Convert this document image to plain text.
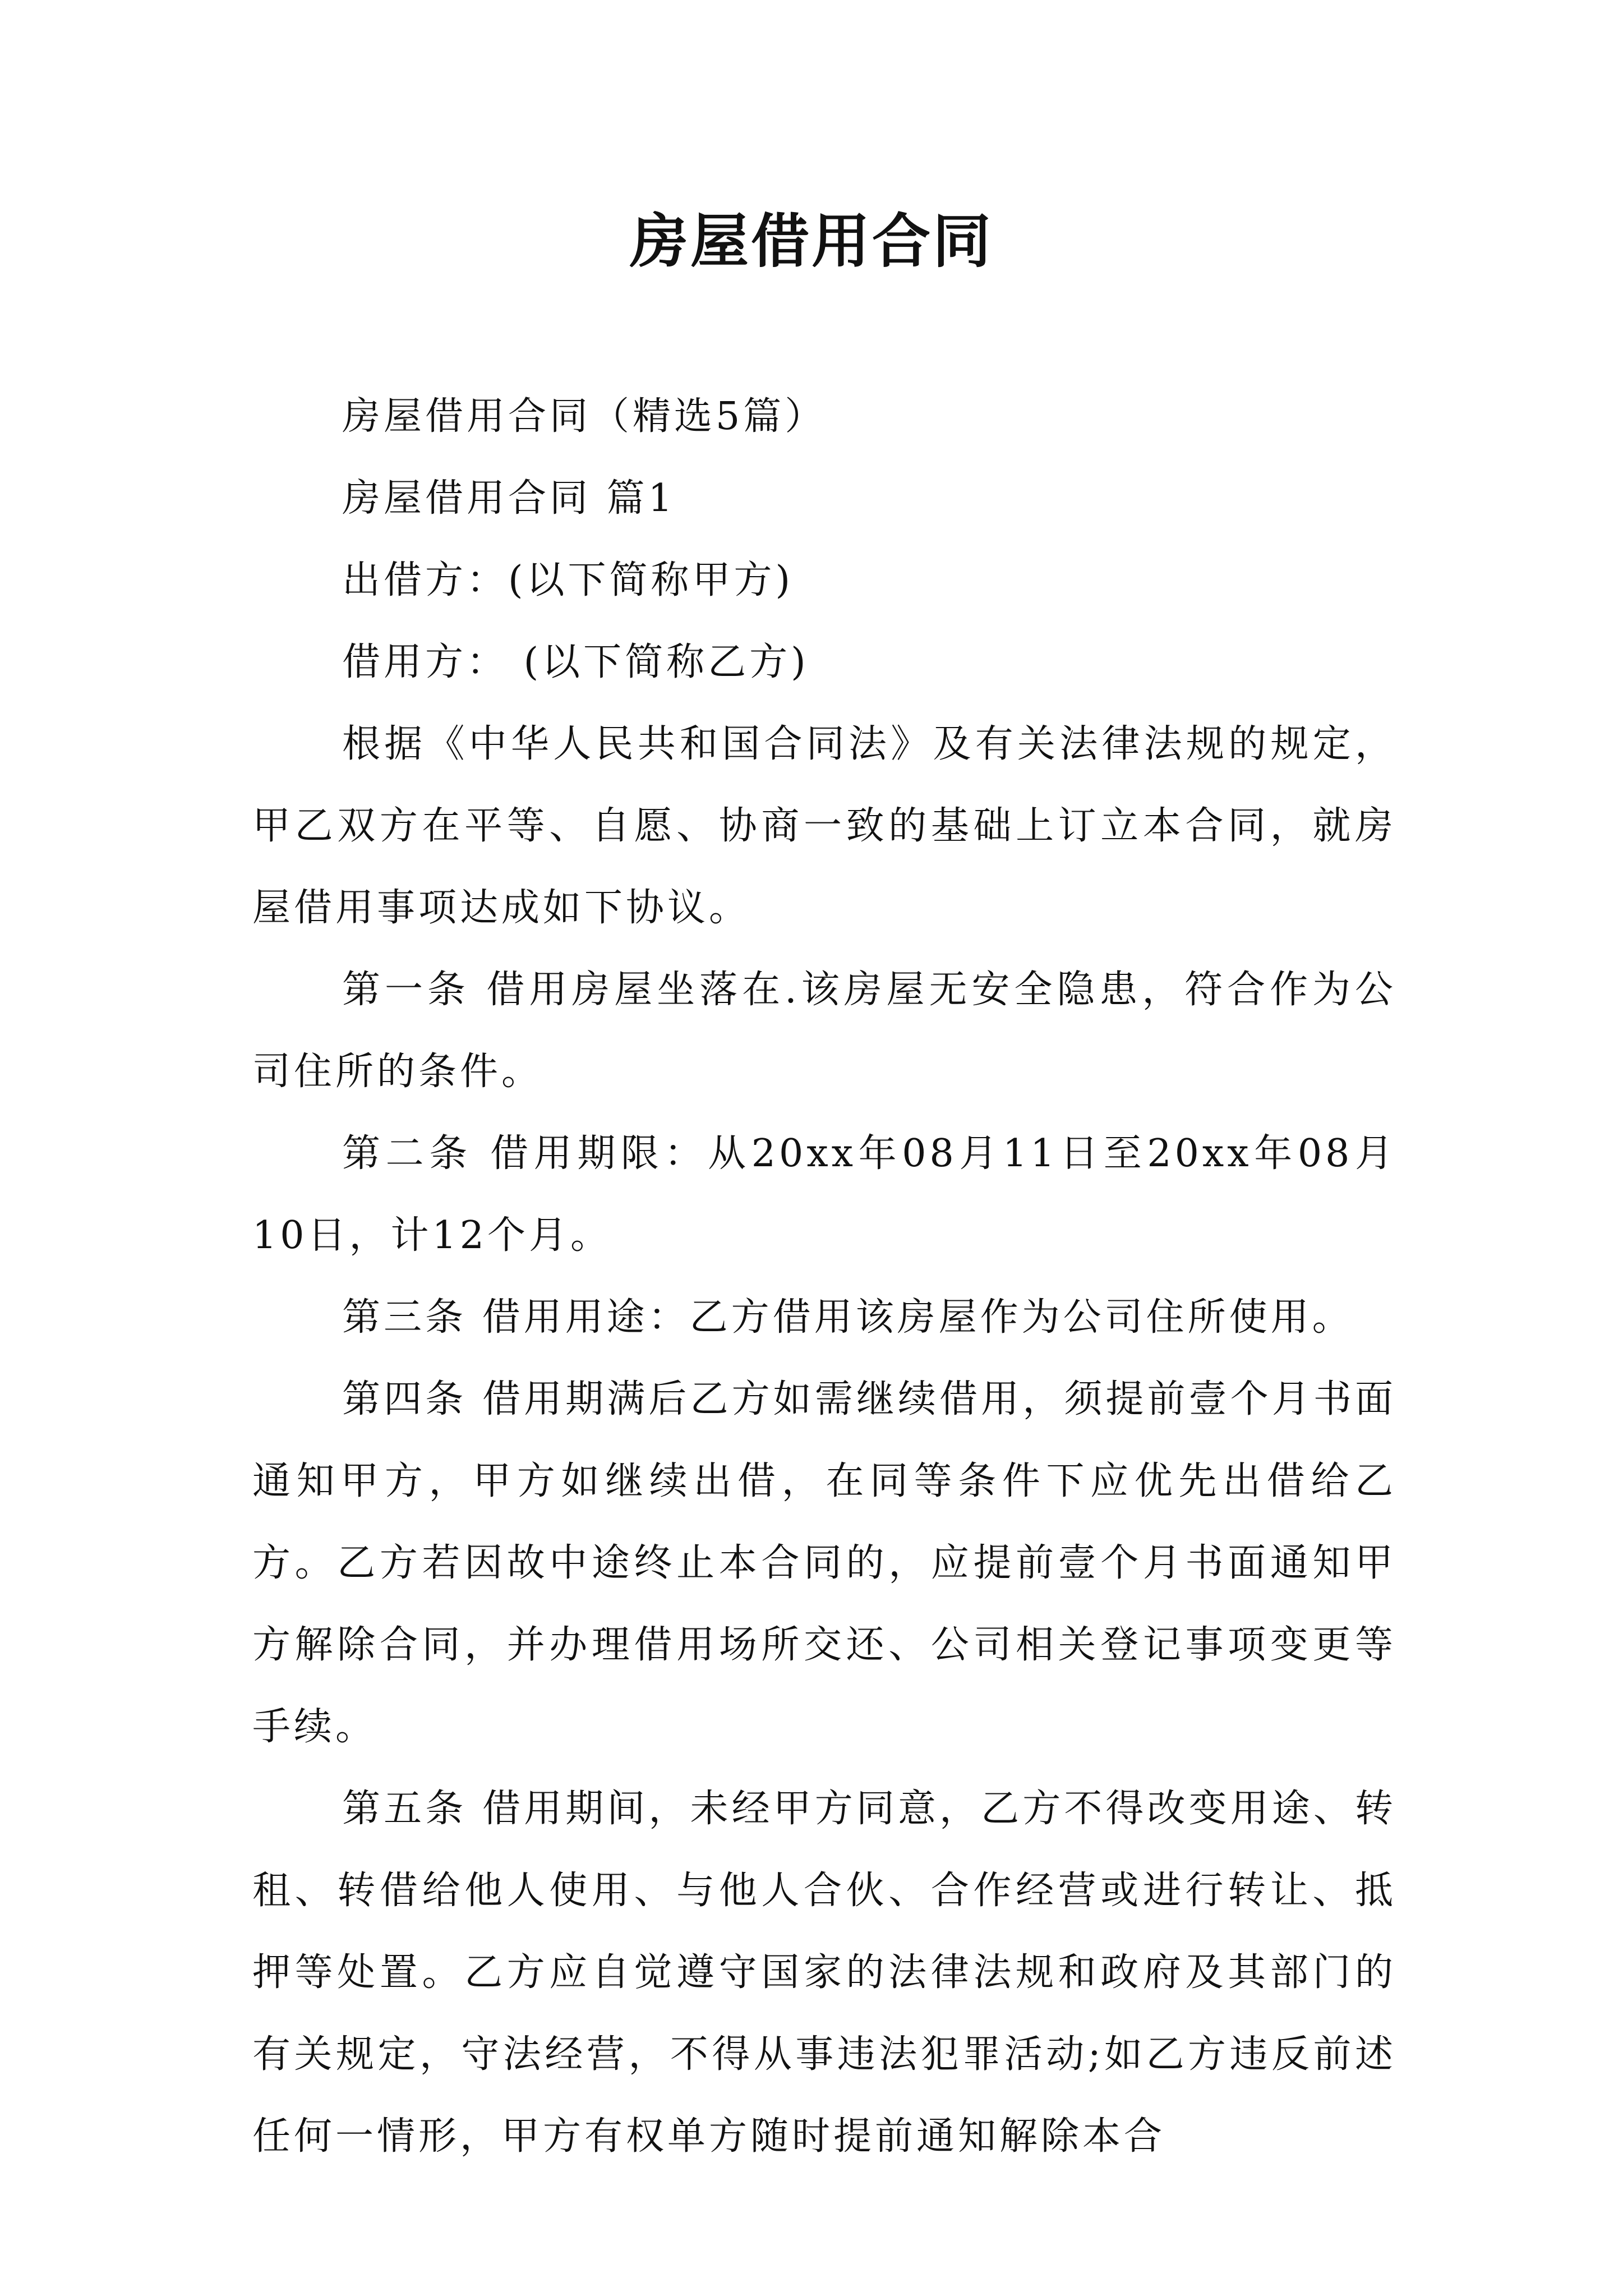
房屋借用合同

房屋借用合同（精选5篇）

房屋借用合同 篇1

出借方：(以下简称甲方)

借用方： (以下简称乙方)

根据《中华人民共和国合同法》及有关法律法规的规定，甲乙双方在平等、自愿、协商一致的基础上订立本合同，就房屋借用事项达成如下协议。

第一条 借用房屋坐落在.该房屋无安全隐患，符合作为公司住所的条件。

第二条 借用期限：从20xx年08月11日至20xx年08月10日，计12个月。

第三条 借用用途：乙方借用该房屋作为公司住所使用。

第四条 借用期满后乙方如需继续借用，须提前壹个月书面通知甲方，甲方如继续出借，在同等条件下应优先出借给乙方。乙方若因故中途终止本合同的，应提前壹个月书面通知甲方解除合同，并办理借用场所交还、公司相关登记事项变更等手续。

第五条 借用期间，未经甲方同意，乙方不得改变用途、转租、转借给他人使用、与他人合伙、合作经营或进行转让、抵押等处置。乙方应自觉遵守国家的法律法规和政府及其部门的有关规定，守法经营，不得从事违法犯罪活动;如乙方违反前述任何一情形，甲方有权单方随时提前通知解除本合
